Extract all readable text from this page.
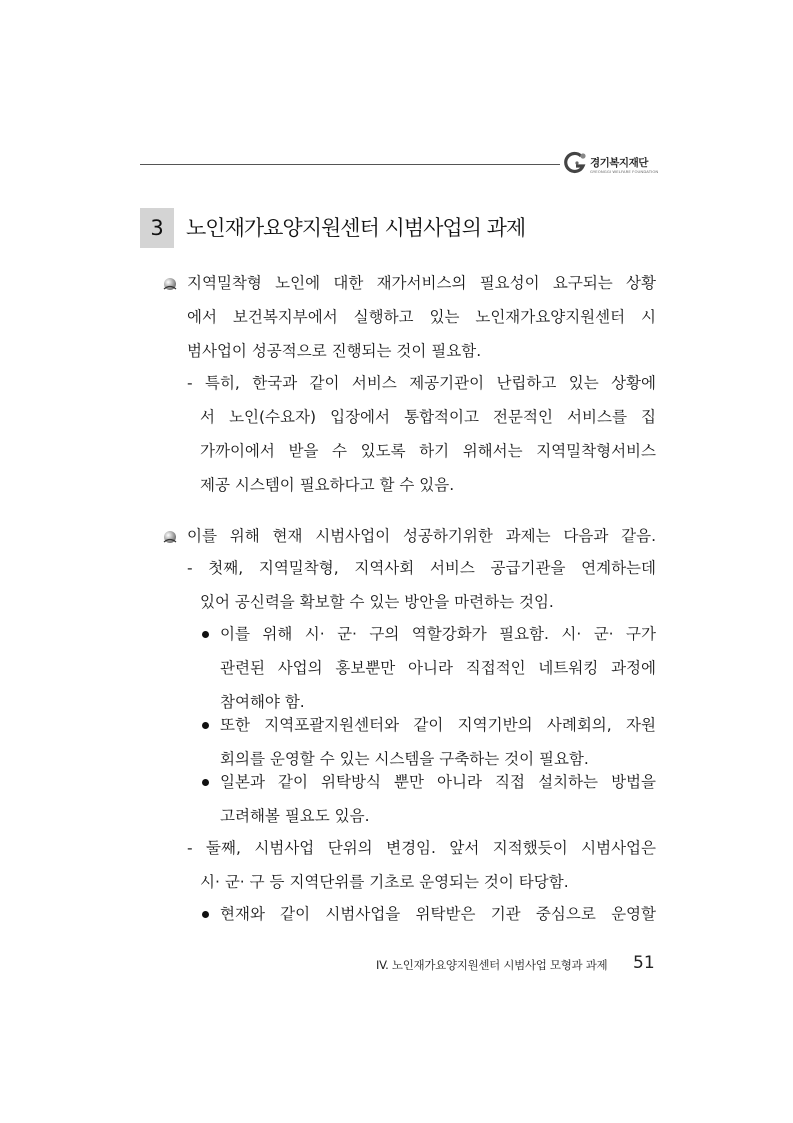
경기복지재단
GYEONGGI WELFARE FOUNDATION
3	노인재가요양지원센터 시범사업의 과제
지역밀착형 노인에 대한 재가서비스의 필요성이 요구되는 상황
에서 보건복지부에서 실행하고 있는 노인재가요양지원센터 시
범사업이 성공적으로 진행되는 것이 필요함.
- 특히, 한국과 같이 서비스 제공기관이 난립하고 있는 상황에
서 노인(수요자) 입장에서 통합적이고 전문적인 서비스를 집
가까이에서 받을 수 있도록 하기 위해서는 지역밀착형서비스
제공 시스템이 필요하다고 할 수 있음.
이를 위해 현재 시범사업이 성공하기위한 과제는 다음과 같음.
- 첫째, 지역밀착형, 지역사회 서비스 공급기관을 연계하는데
있어 공신력을 확보할 수 있는 방안을 마련하는 것임.
이를 위해 시· 군· 구의 역할강화가 필요함. 시· 군· 구가
관련된 사업의 홍보뿐만 아니라 직접적인 네트워킹 과정에
참여해야 함.
또한 지역포괄지원센터와 같이 지역기반의 사례회의, 자원
회의를 운영할 수 있는 시스템을 구축하는 것이 필요함.
일본과 같이 위탁방식 뿐만 아니라 직접 설치하는 방법을
고려해볼 필요도 있음.
- 둘째, 시범사업 단위의 변경임. 앞서 지적했듯이 시범사업은
시· 군· 구 등 지역단위를 기초로 운영되는 것이 타당함.
현재와 같이 시범사업을 위탁받은 기관 중심으로 운영할
IV. 노인재가요양지원센터 시범사업 모형과 과제 51
